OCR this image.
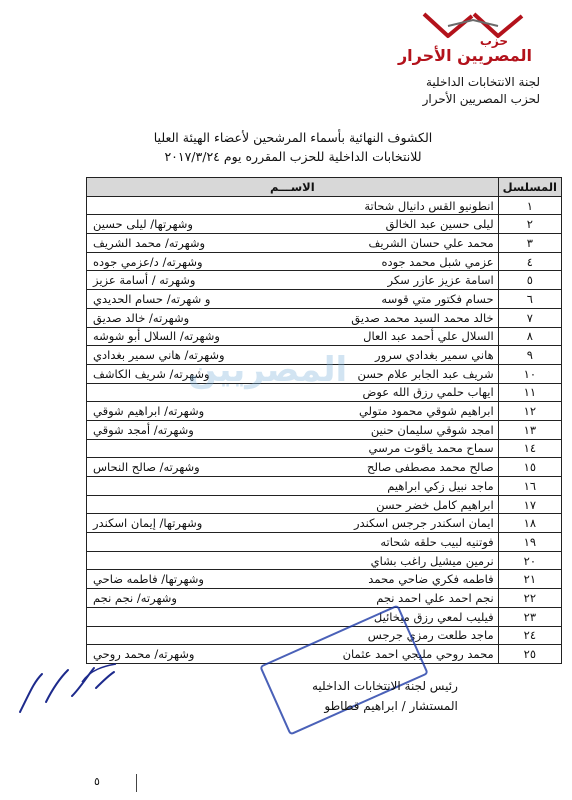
حزب
المصريين الأحرار
لجنة الانتخابات الداخلية
لحزب المصريين الأحرار
الكشوف النهائية بأسماء المرشحين لأعضاء الهيئة العليا
للانتخابات الداخلية للحزب المقرره يوم ٢٠١٧/٣/٢٤
المسلسل	الاســـم
١	انطونيو القس دانيال شحاتة

٢	ليلى حسين عبد الخالق
وشهرتها/ ليلى حسين

٣	محمد علي حسان الشريف
وشهرته/ محمد الشريف

٤	عزمي شبل محمد جوده
وشهرته/ د/عزمي جوده

٥	اسامة عزيز عازر سكر
وشهرته / أسامة عزيز

٦	حسام فكتور متي قوسه
و شهرته/ حسام الحديدي

٧	خالد محمد السيد محمد صديق
وشهرته/ خالد صديق

٨	السلال علي أحمد عبد العال
وشهرته/ السلال أبو شوشه

٩	هاني سمير بغدادي سرور
وشهرته/ هاني سمير بغدادي

١٠	شريف عبد الجابر علام حسن
وشهرته/ شريف الكاشف

١١	ايهاب حلمي رزق الله عوض

١٢	ابراهيم شوقي محمود متولي
وشهرته/ ابراهيم شوقي

١٣	امجد شوقي سليمان حنين
وشهرته/ أمجد شوقي

١٤	سماح محمد ياقوت مرسي

١٥	صالح محمد مصطفى صالح
وشهرته/ صالح النحاس

١٦	ماجد نبيل زكي ابراهيم

١٧	ابراهيم كامل خضر حسن

١٨	ايمان اسكندر جرجس اسكندر
وشهرتها/ إيمان اسكندر

١٩	فوتنيه لبيب حلقه شحاته

٢٠	نرمين ميشيل راغب بشاي

٢١	فاطمه فكري ضاحي محمد
وشهرتها/ فاطمه ضاحي

٢٢	نجم احمد علي احمد نجم
وشهرته/ نجم نجم

٢٣	فيليب لمعي رزق ميخائيل

٢٤	ماجد طلعت رمزي جرجس

٢٥	محمد روحي مليجي احمد عثمان
وشهرته/ محمد روحي
المصريين
رئيس لجنة الانتخابات الداخليه
المستشار / ابراهيم قطاطو
٥
